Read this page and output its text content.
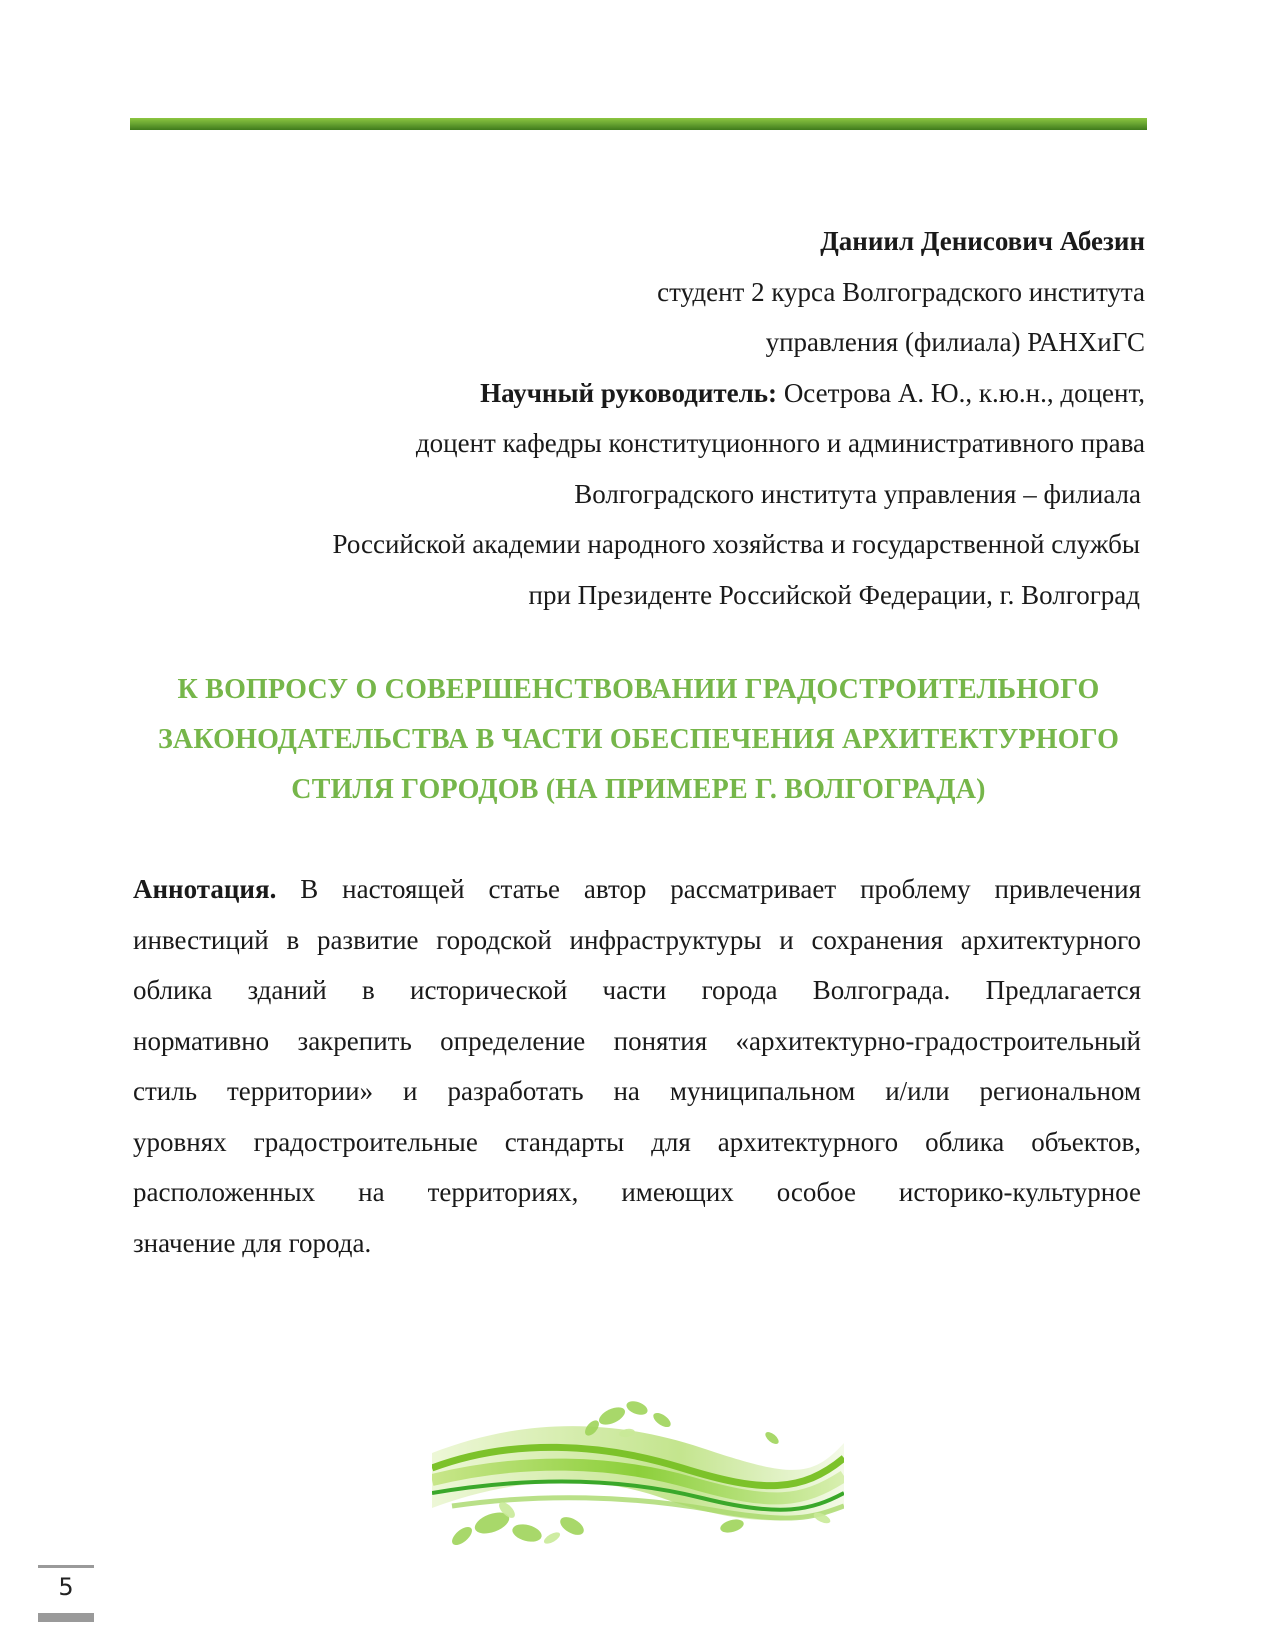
Даниил Денисович Абезин
студент 2 курса Волгоградского института
управления (филиала) РАНХиГС
Научный руководитель: Осетрова А. Ю., к.ю.н., доцент,
доцент кафедры конституционного и административного права
Волгоградского института управления – филиала
Российской академии народного хозяйства и государственной службы
при Президенте Российской Федерации, г. Волгоград
К ВОПРОСУ О СОВЕРШЕНСТВОВАНИИ ГРАДОСТРОИТЕЛЬНОГО
ЗАКОНОДАТЕЛЬСТВА В ЧАСТИ ОБЕСПЕЧЕНИЯ АРХИТЕКТУРНОГО
СТИЛЯ ГОРОДОВ (НА ПРИМЕРЕ Г. ВОЛГОГРАДА)
Аннотация. В настоящей статье автор рассматривает проблему привлечения
инвестиций в развитие городской инфраструктуры и сохранения архитектурного
облика зданий в исторической части города Волгограда. Предлагается
нормативно закрепить определение понятия «архитектурно-градостроительный
стиль территории» и разработать на муниципальном и/или региональном
уровнях градостроительные стандарты для архитектурного облика объектов,
расположенных на территориях, имеющих особое историко-культурное
значение для города.
5
